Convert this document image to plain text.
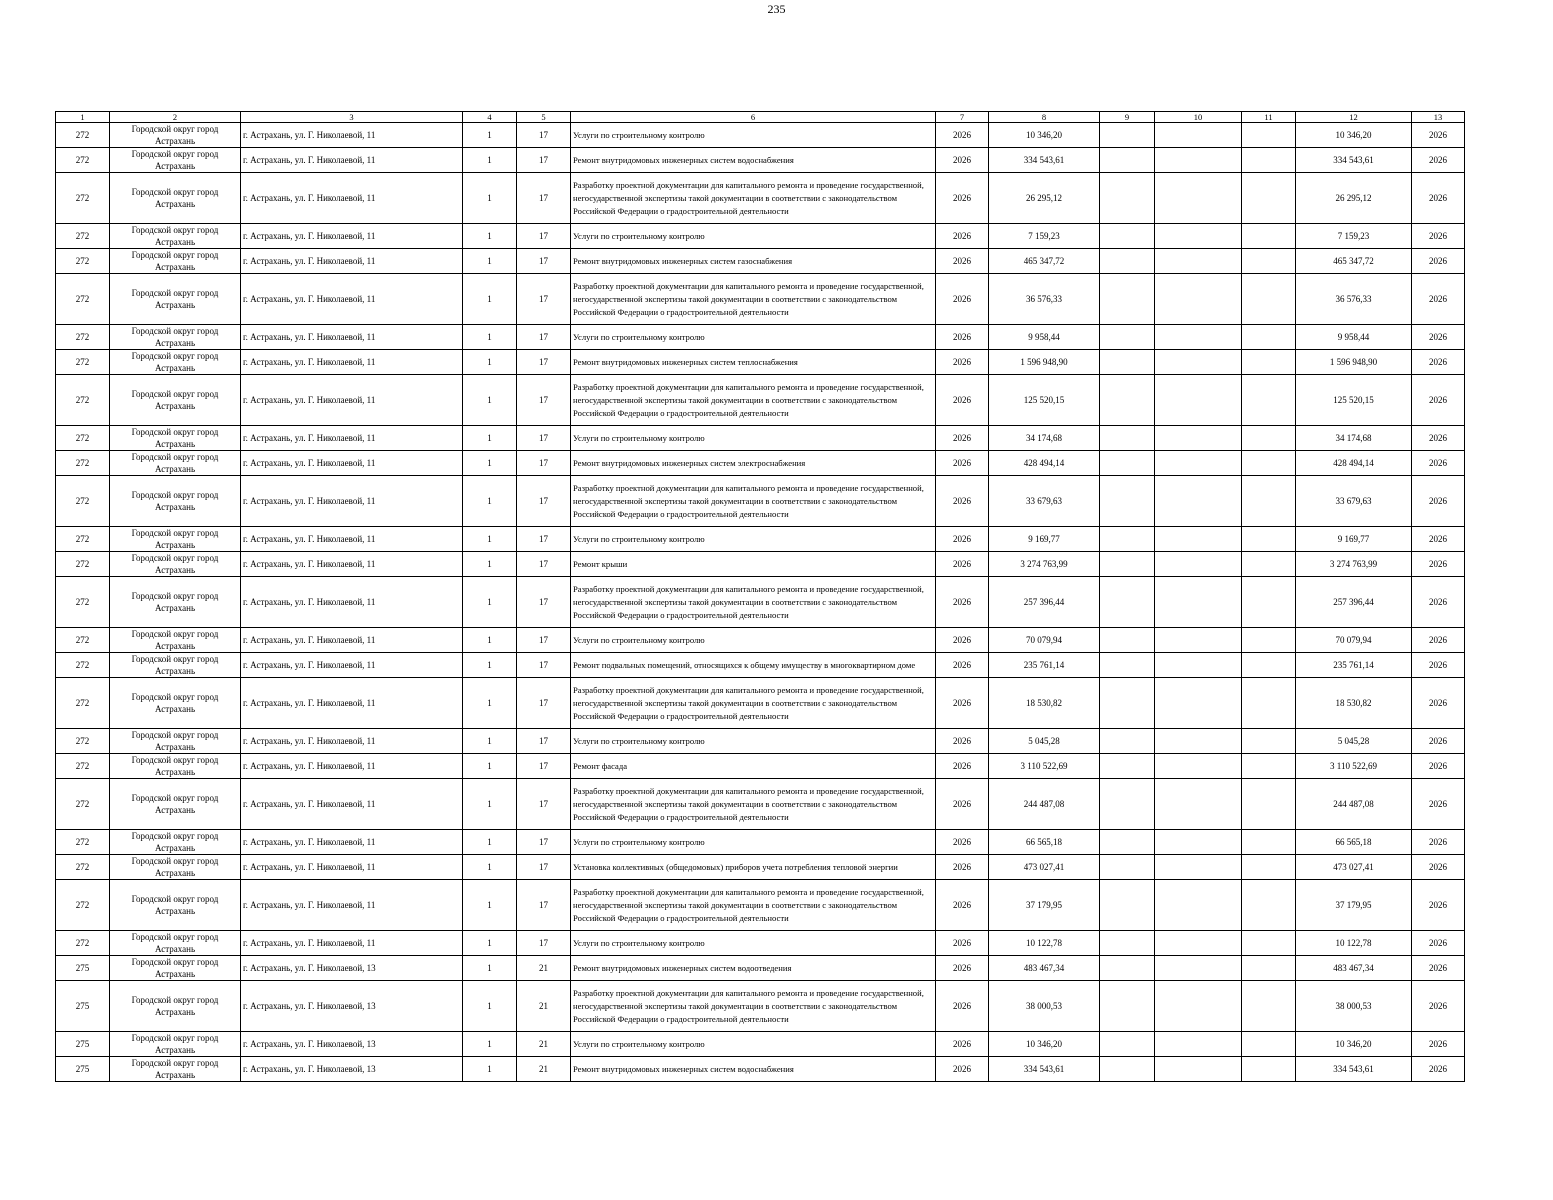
235
1	2	3	4	5	6	7	8	9	10	11	12	13
272	Городской округ город Астрахань	г. Астрахань, ул. Г. Николаевой, 11	1	17	Услуги по строительному контролю	2026	10 346,20				10 346,20	2026
272	Городской округ город Астрахань	г. Астрахань, ул. Г. Николаевой, 11	1	17	Ремонт внутридомовых инженерных систем водоснабжения	2026	334 543,61				334 543,61	2026
272	Городской округ город Астрахань	г. Астрахань, ул. Г. Николаевой, 11	1	17	Разработку проектной документации для капитального ремонта и проведение государственной, негосударственной экспертизы такой документации в соответствии с законодательством Российской Федерации о градостроительной деятельности	2026	26 295,12				26 295,12	2026
272	Городской округ город Астрахань	г. Астрахань, ул. Г. Николаевой, 11	1	17	Услуги по строительному контролю	2026	7 159,23				7 159,23	2026
272	Городской округ город Астрахань	г. Астрахань, ул. Г. Николаевой, 11	1	17	Ремонт внутридомовых инженерных систем газоснабжения	2026	465 347,72				465 347,72	2026
272	Городской округ город Астрахань	г. Астрахань, ул. Г. Николаевой, 11	1	17	Разработку проектной документации для капитального ремонта и проведение государственной, негосударственной экспертизы такой документации в соответствии с законодательством Российской Федерации о градостроительной деятельности	2026	36 576,33				36 576,33	2026
272	Городской округ город Астрахань	г. Астрахань, ул. Г. Николаевой, 11	1	17	Услуги по строительному контролю	2026	9 958,44				9 958,44	2026
272	Городской округ город Астрахань	г. Астрахань, ул. Г. Николаевой, 11	1	17	Ремонт внутридомовых инженерных систем теплоснабжения	2026	1 596 948,90				1 596 948,90	2026
272	Городской округ город Астрахань	г. Астрахань, ул. Г. Николаевой, 11	1	17	Разработку проектной документации для капитального ремонта и проведение государственной, негосударственной экспертизы такой документации в соответствии с законодательством Российской Федерации о градостроительной деятельности	2026	125 520,15				125 520,15	2026
272	Городской округ город Астрахань	г. Астрахань, ул. Г. Николаевой, 11	1	17	Услуги по строительному контролю	2026	34 174,68				34 174,68	2026
272	Городской округ город Астрахань	г. Астрахань, ул. Г. Николаевой, 11	1	17	Ремонт внутридомовых инженерных систем электроснабжения	2026	428 494,14				428 494,14	2026
272	Городской округ город Астрахань	г. Астрахань, ул. Г. Николаевой, 11	1	17	Разработку проектной документации для капитального ремонта и проведение государственной, негосударственной экспертизы такой документации в соответствии с законодательством Российской Федерации о градостроительной деятельности	2026	33 679,63				33 679,63	2026
272	Городской округ город Астрахань	г. Астрахань, ул. Г. Николаевой, 11	1	17	Услуги по строительному контролю	2026	9 169,77				9 169,77	2026
272	Городской округ город Астрахань	г. Астрахань, ул. Г. Николаевой, 11	1	17	Ремонт крыши	2026	3 274 763,99				3 274 763,99	2026
272	Городской округ город Астрахань	г. Астрахань, ул. Г. Николаевой, 11	1	17	Разработку проектной документации для капитального ремонта и проведение государственной, негосударственной экспертизы такой документации в соответствии с законодательством Российской Федерации о градостроительной деятельности	2026	257 396,44				257 396,44	2026
272	Городской округ город Астрахань	г. Астрахань, ул. Г. Николаевой, 11	1	17	Услуги по строительному контролю	2026	70 079,94				70 079,94	2026
272	Городской округ город Астрахань	г. Астрахань, ул. Г. Николаевой, 11	1	17	Ремонт подвальных помещений, относящихся к общему имуществу в многоквартирном доме	2026	235 761,14				235 761,14	2026
272	Городской округ город Астрахань	г. Астрахань, ул. Г. Николаевой, 11	1	17	Разработку проектной документации для капитального ремонта и проведение государственной, негосударственной экспертизы такой документации в соответствии с законодательством Российской Федерации о градостроительной деятельности	2026	18 530,82				18 530,82	2026
272	Городской округ город Астрахань	г. Астрахань, ул. Г. Николаевой, 11	1	17	Услуги по строительному контролю	2026	5 045,28				5 045,28	2026
272	Городской округ город Астрахань	г. Астрахань, ул. Г. Николаевой, 11	1	17	Ремонт фасада	2026	3 110 522,69				3 110 522,69	2026
272	Городской округ город Астрахань	г. Астрахань, ул. Г. Николаевой, 11	1	17	Разработку проектной документации для капитального ремонта и проведение государственной, негосударственной экспертизы такой документации в соответствии с законодательством Российской Федерации о градостроительной деятельности	2026	244 487,08				244 487,08	2026
272	Городской округ город Астрахань	г. Астрахань, ул. Г. Николаевой, 11	1	17	Услуги по строительному контролю	2026	66 565,18				66 565,18	2026
272	Городской округ город Астрахань	г. Астрахань, ул. Г. Николаевой, 11	1	17	Установка коллективных (общедомовых) приборов учета потребления тепловой энергии	2026	473 027,41				473 027,41	2026
272	Городской округ город Астрахань	г. Астрахань, ул. Г. Николаевой, 11	1	17	Разработку проектной документации для капитального ремонта и проведение государственной, негосударственной экспертизы такой документации в соответствии с законодательством Российской Федерации о градостроительной деятельности	2026	37 179,95				37 179,95	2026
272	Городской округ город Астрахань	г. Астрахань, ул. Г. Николаевой, 11	1	17	Услуги по строительному контролю	2026	10 122,78				10 122,78	2026
275	Городской округ город Астрахань	г. Астрахань, ул. Г. Николаевой, 13	1	21	Ремонт внутридомовых инженерных систем водоотведения	2026	483 467,34				483 467,34	2026
275	Городской округ город Астрахань	г. Астрахань, ул. Г. Николаевой, 13	1	21	Разработку проектной документации для капитального ремонта и проведение государственной, негосударственной экспертизы такой документации в соответствии с законодательством Российской Федерации о градостроительной деятельности	2026	38 000,53				38 000,53	2026
275	Городской округ город Астрахань	г. Астрахань, ул. Г. Николаевой, 13	1	21	Услуги по строительному контролю	2026	10 346,20				10 346,20	2026
275	Городской округ город Астрахань	г. Астрахань, ул. Г. Николаевой, 13	1	21	Ремонт внутридомовых инженерных систем водоснабжения	2026	334 543,61				334 543,61	2026
